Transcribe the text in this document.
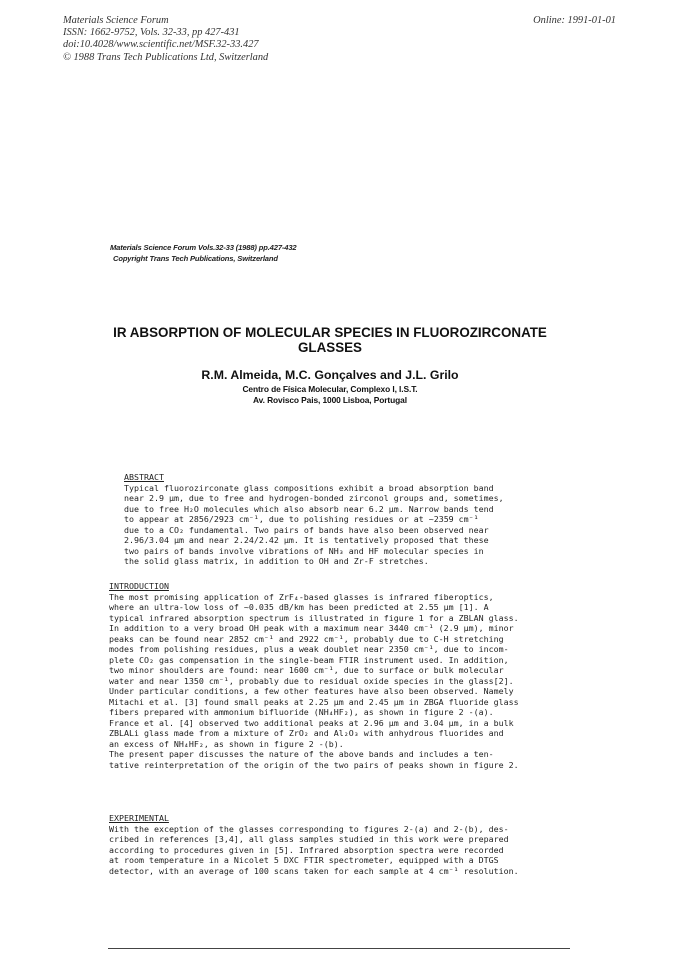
Materials Science Forum
ISSN: 1662-9752, Vols. 32-33, pp 427-431
doi:10.4028/www.scientific.net/MSF.32-33.427
© 1988 Trans Tech Publications Ltd, Switzerland
Online: 1991-01-01
Materials Science Forum Vols.32-33 (1988) pp.427-432
Copyright Trans Tech Publications, Switzerland
IR ABSORPTION OF MOLECULAR SPECIES IN FLUOROZIRCONATE
GLASSES
R.M. Almeida, M.C. Gonçalves and J.L. Grilo
Centro de Física Molecular, Complexo I, I.S.T.
Av. Rovisco Pais, 1000 Lisboa, Portugal

ABSTRACT

Typical fluorozirconate glass compositions exhibit a broad absorption band

near 2.9 μm, due to free and hydrogen-bonded zirconol groups and, sometimes,

due to free H₂O molecules which also absorb near 6.2 μm. Narrow bands tend

to appear at 2856/2923 cm⁻¹, due to polishing residues or at ~2359 cm⁻¹

due to a CO₂ fundamental. Two pairs of bands have also been observed near

2.96/3.04 μm and near 2.24/2.42 μm. It is tentatively proposed that these

two pairs of bands involve vibrations of NH₃ and HF molecular species in

the solid glass matrix, in addition to OH and Zr-F stretches.

INTRODUCTION

The most promising application of ZrF₄-based glasses is infrared fiberoptics,

where an ultra-low loss of ~0.035 dB/km has been predicted at 2.55 μm [1]. A

typical infrared absorption spectrum is illustrated in figure 1 for a ZBLAN glass.

In addition to a very broad OH peak with a maximum near 3440 cm⁻¹ (2.9 μm), minor

peaks can be found near 2852 cm⁻¹ and 2922 cm⁻¹, probably due to C-H stretching

modes from polishing residues, plus a weak doublet near 2350 cm⁻¹, due to incom-

plete CO₂ gas compensation in the single-beam FTIR instrument used. In addition,

two minor shoulders are found: near 1600 cm⁻¹, due to surface or bulk molecular

water and near 1350 cm⁻¹, probably due to residual oxide species in the glass[2].

Under particular conditions, a few other features have also been observed. Namely

Mitachi et al. [3] found small peaks at 2.25 μm and 2.45 μm in ZBGA fluoride glass

fibers prepared with ammonium bifluoride (NH₄HF₂), as shown in figure 2 -(a).

France et al. [4] observed two additional peaks at 2.96 μm and 3.04 μm, in a bulk

ZBLALi glass made from a mixture of ZrO₂ and Al₂O₃ with anhydrous fluorides and

an excess of NH₄HF₂, as shown in figure 2 -(b).

The present paper discusses the nature of the above bands and includes a ten-

tative reinterpretation of the origin of the two pairs of peaks shown in figure 2.

EXPERIMENTAL

With the exception of the glasses corresponding to figures 2-(a) and 2-(b), des-

cribed in references [3,4], all glass samples studied in this work were prepared

according to procedures given in [5]. Infrared absorption spectra were recorded

at room temperature in a Nicolet 5 DXC FTIR spectrometer, equipped with a DTGS

detector, with an average of 100 scans taken for each sample at 4 cm⁻¹ resolution.
